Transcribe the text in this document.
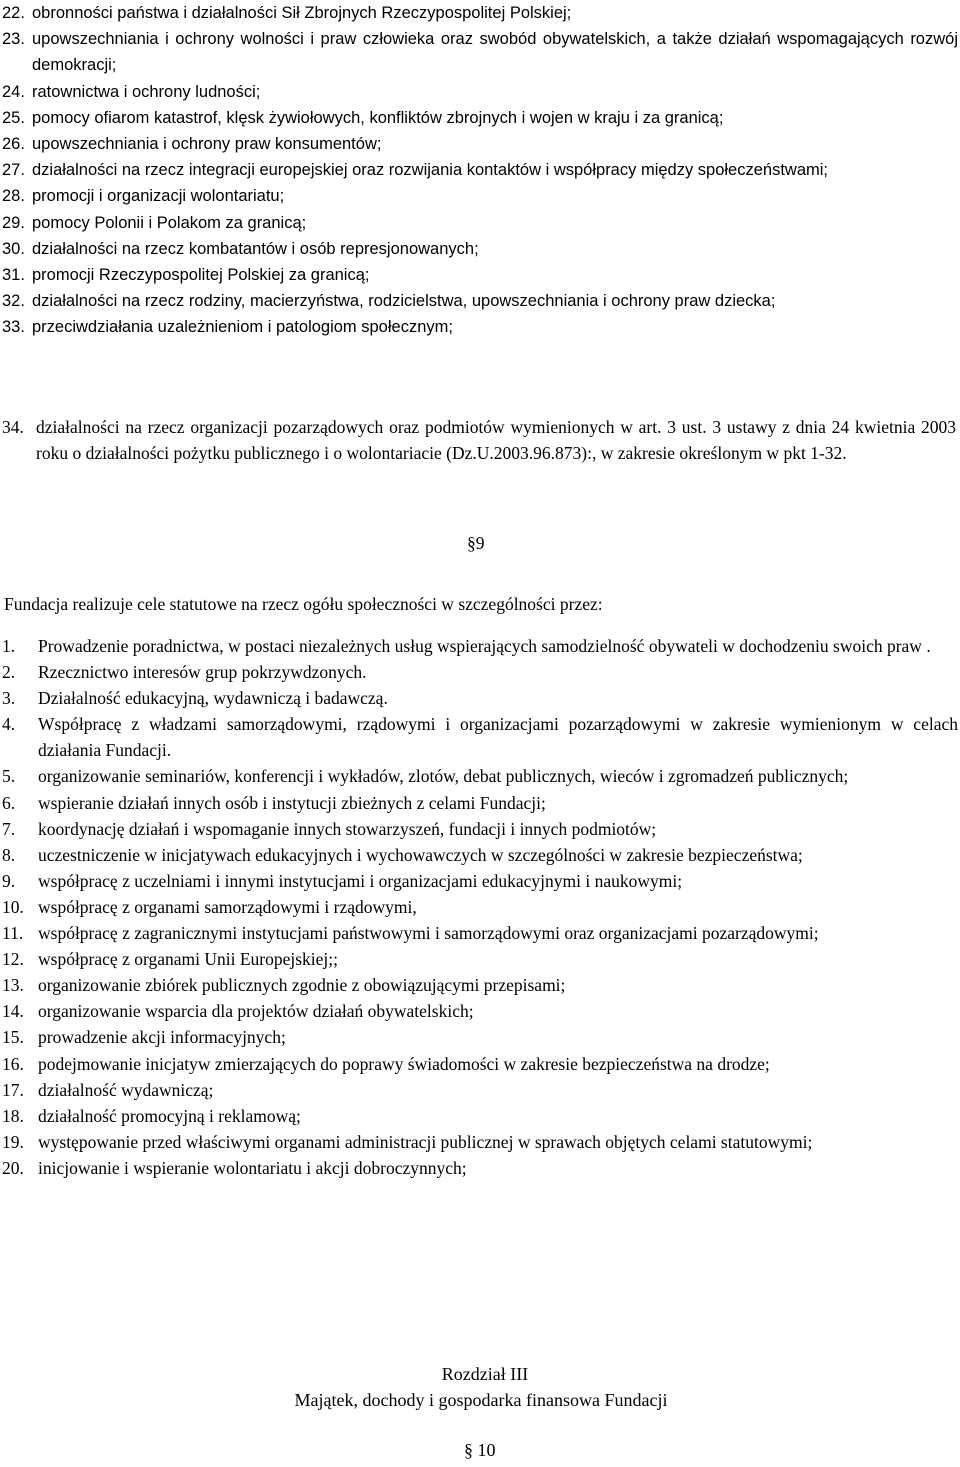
22. obronności państwa i działalności Sił Zbrojnych Rzeczypospolitej Polskiej;
23. upowszechniania i ochrony wolności i praw człowieka oraz swobód obywatelskich, a także działań wspomagających rozwój demokracji;
24. ratownictwa i ochrony ludności;
25. pomocy ofiarom katastrof, klęsk żywiołowych, konfliktów zbrojnych i wojen w kraju i za granicą;
26. upowszechniania i ochrony praw konsumentów;
27. działalności na rzecz integracji europejskiej oraz rozwijania kontaktów i współpracy między społeczeństwami;
28. promocji i organizacji wolontariatu;
29. pomocy Polonii i Polakom za granicą;
30. działalności na rzecz kombatantów i osób represjonowanych;
31. promocji Rzeczypospolitej Polskiej za granicą;
32. działalności na rzecz rodziny, macierzyństwa, rodzicielstwa, upowszechniania i ochrony praw dziecka;
33. przeciwdziałania uzależnieniom i patologiom społecznym;
34. działalności na rzecz organizacji pozarządowych oraz podmiotów wymienionych w art. 3 ust. 3 ustawy z dnia 24 kwietnia 2003 roku o działalności pożytku publicznego i o wolontariacie (Dz.U.2003.96.873):, w zakresie określonym w pkt 1-32.
§9
Fundacja realizuje cele statutowe na rzecz ogółu społeczności w szczególności przez:
1. Prowadzenie poradnictwa, w postaci niezależnych usług wspierających samodzielność obywateli w dochodzeniu swoich praw .
2. Rzecznictwo interesów grup pokrzywdzonych.
3. Działalność edukacyjną, wydawniczą i badawczą.
4. Współpracę z władzami samorządowymi, rządowymi i organizacjami pozarządowymi w zakresie wymienionym w celach działania Fundacji.
5. organizowanie seminariów, konferencji i wykładów, zlotów, debat publicznych, wieców i zgromadzeń publicznych;
6. wspieranie działań innych osób i instytucji zbieżnych z celami Fundacji;
7. koordynację działań i wspomaganie innych stowarzyszeń, fundacji i innych podmiotów;
8. uczestniczenie w inicjatywach edukacyjnych i wychowawczych w szczególności w zakresie bezpieczeństwa;
9. współpracę z uczelniami i innymi instytucjami i organizacjami edukacyjnymi i naukowymi;
10. współpracę z organami samorządowymi i rządowymi,
11. współpracę z zagranicznymi instytucjami państwowymi i samorządowymi oraz organizacjami pozarządowymi;
12. współpracę z organami Unii Europejskiej;;
13. organizowanie zbiórek publicznych zgodnie z obowiązującymi przepisami;
14. organizowanie wsparcia dla projektów działań obywatelskich;
15. prowadzenie akcji informacyjnych;
16. podejmowanie inicjatyw zmierzających do poprawy świadomości w zakresie bezpieczeństwa na drodze;
17. działalność wydawniczą;
18. działalność promocyjną i reklamową;
19. występowanie przed właściwymi organami administracji publicznej w sprawach objętych celami statutowymi;
20. inicjowanie i wspieranie wolontariatu i akcji dobroczynnych;
Rozdział III
Majątek, dochody i gospodarka finansowa Fundacji
§ 10
